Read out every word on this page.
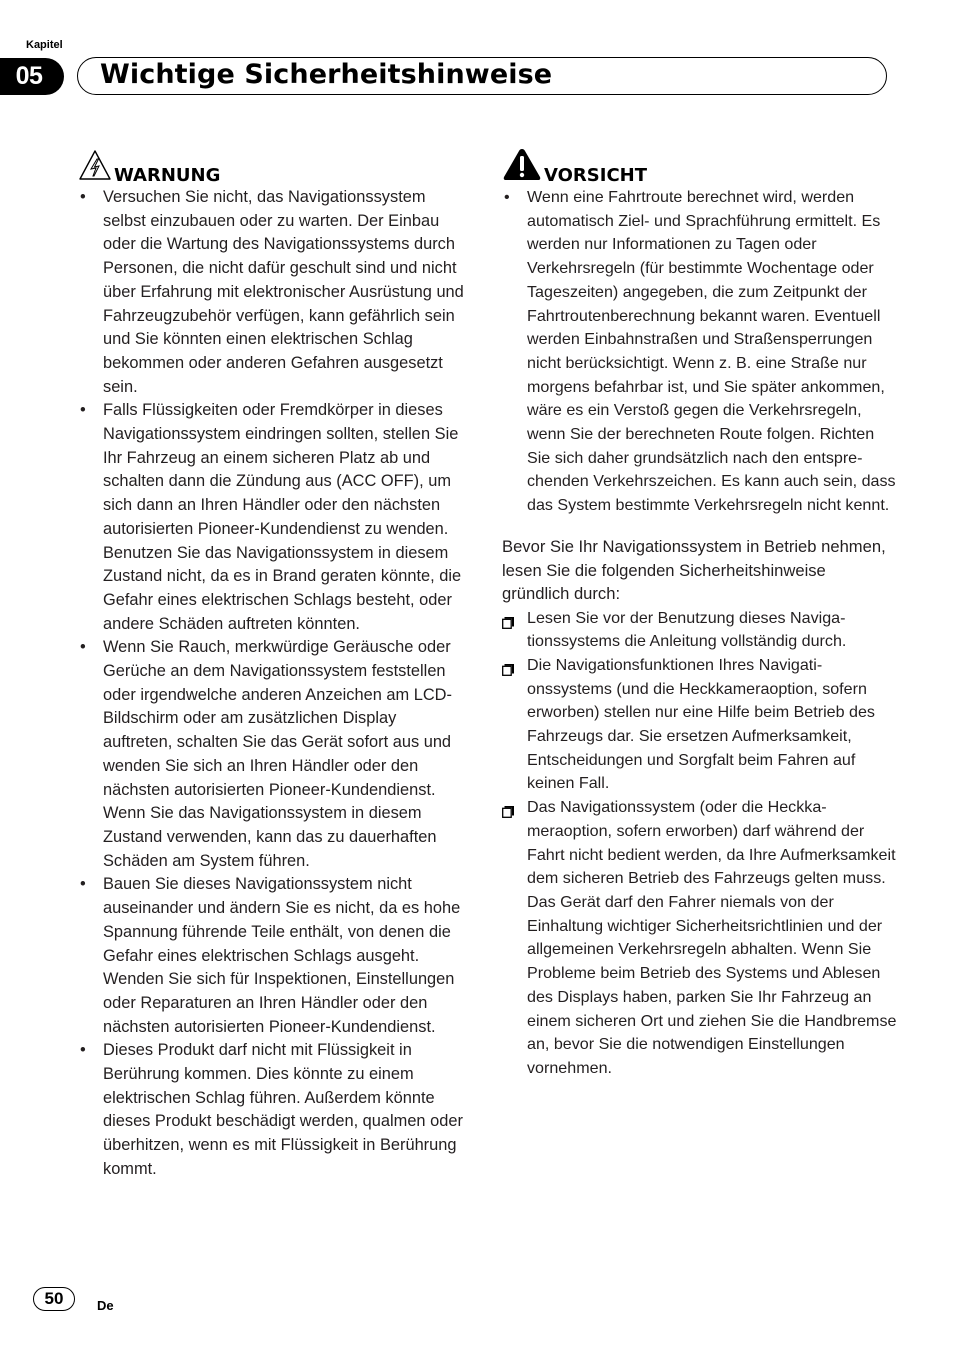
Kapitel
05	Wichtige Sicherheitshinweise
WARNUNG
• Versuchen Sie nicht, das Navigationssystem selbst einzubauen oder zu warten. Der Einbau oder die Wartung des Navigationssystems durch Personen, die nicht dafür geschult sind und nicht über Erfahrung mit elektronischer Ausrüstung und Fahrzeugzubehör verfügen, kann gefährlich sein und Sie könnten einen elektrischen Schlag bekommen oder anderen Gefahren ausgesetzt sein.
• Falls Flüssigkeiten oder Fremdkörper in dieses Navigationssystem eindringen sollten, stellen Sie Ihr Fahrzeug an einem sicheren Platz ab und schalten dann die Zündung aus (ACC OFF), um sich dann an Ihren Händler oder den nächsten autorisierten Pioneer-Kundendienst zu wenden. Benutzen Sie das Navigationssystem in diesem Zustand nicht, da es in Brand geraten könnte, die Gefahr eines elektrischen Schlags besteht, oder andere Schäden auftreten könnten.
• Wenn Sie Rauch, merkwürdige Geräusche oder Gerüche an dem Navigationssystem feststellen oder irgendwelche anderen Anzeichen am LCD-Bildschirm oder am zusätzlichen Display auftreten, schalten Sie das Gerät sofort aus und wenden Sie sich an Ihren Händler oder den nächsten autorisierten Pioneer-Kundendienst. Wenn Sie das Navigationssystem in diesem Zustand verwenden, kann das zu dauerhaften Schäden am System führen.
• Bauen Sie dieses Navigationssystem nicht auseinander und ändern Sie es nicht, da es hohe Spannung führende Teile enthält, von denen die Gefahr eines elektrischen Schlags ausgeht. Wenden Sie sich für Inspektionen, Einstellungen oder Reparaturen an Ihren Händler oder den nächsten autorisierten Pioneer-Kundendienst.
• Dieses Produkt darf nicht mit Flüssigkeit in Berührung kommen. Dies könnte zu einem elektrischen Schlag führen. Außerdem könnte dieses Produkt beschädigt werden, qualmen oder überhitzen, wenn es mit Flüssigkeit in Berührung kommt.
VORSICHT
• Wenn eine Fahrtroute berechnet wird, werden automatisch Ziel- und Sprachführung ermittelt. Es werden nur Informationen zu Tagen oder Verkehrsregeln (für bestimmte Wochentage oder Tageszeiten) angegeben, die zum Zeitpunkt der Fahrtroutenberechnung bekannt waren. Eventuell werden Einbahnstraßen und Straßensperrungen nicht berücksichtigt. Wenn z. B. eine Straße nur morgens befahrbar ist, und Sie später ankommen, wäre es ein Verstoß gegen die Verkehrsregeln, wenn Sie der berechneten Route folgen. Richten Sie sich daher grundsätzlich nach den entsprechenden Verkehrszeichen. Es kann auch sein, dass das System bestimmte Verkehrsregeln nicht kennt.

Bevor Sie Ihr Navigationssystem in Betrieb nehmen, lesen Sie die folgenden Sicherheitshinweise gründlich durch:

Lesen Sie vor der Benutzung dieses Navigationssystems die Anleitung vollständig durch.
Die Navigationsfunktionen Ihres Navigationssystems (und die Heckkameraoption, sofern erworben) stellen nur eine Hilfe beim Betrieb des Fahrzeugs dar. Sie ersetzen Aufmerksamkeit, Entscheidungen und Sorgfalt beim Fahren auf keinen Fall.
Das Navigationssystem (oder die Heckkameraoption, sofern erworben) darf während der Fahrt nicht bedient werden, da Ihre Aufmerksamkeit dem sicheren Betrieb des Fahrzeugs gelten muss. Das Gerät darf den Fahrer niemals von der Einhaltung wichtiger Sicherheitsrichtlinien und der allgemeinen Verkehrsregeln abhalten. Wenn Sie Probleme beim Betrieb des Systems und Ablesen des Displays haben, parken Sie Ihr Fahrzeug an einem sicheren Ort und ziehen Sie die Handbremse an, bevor Sie die notwendigen Einstellungen vornehmen.
50	De
